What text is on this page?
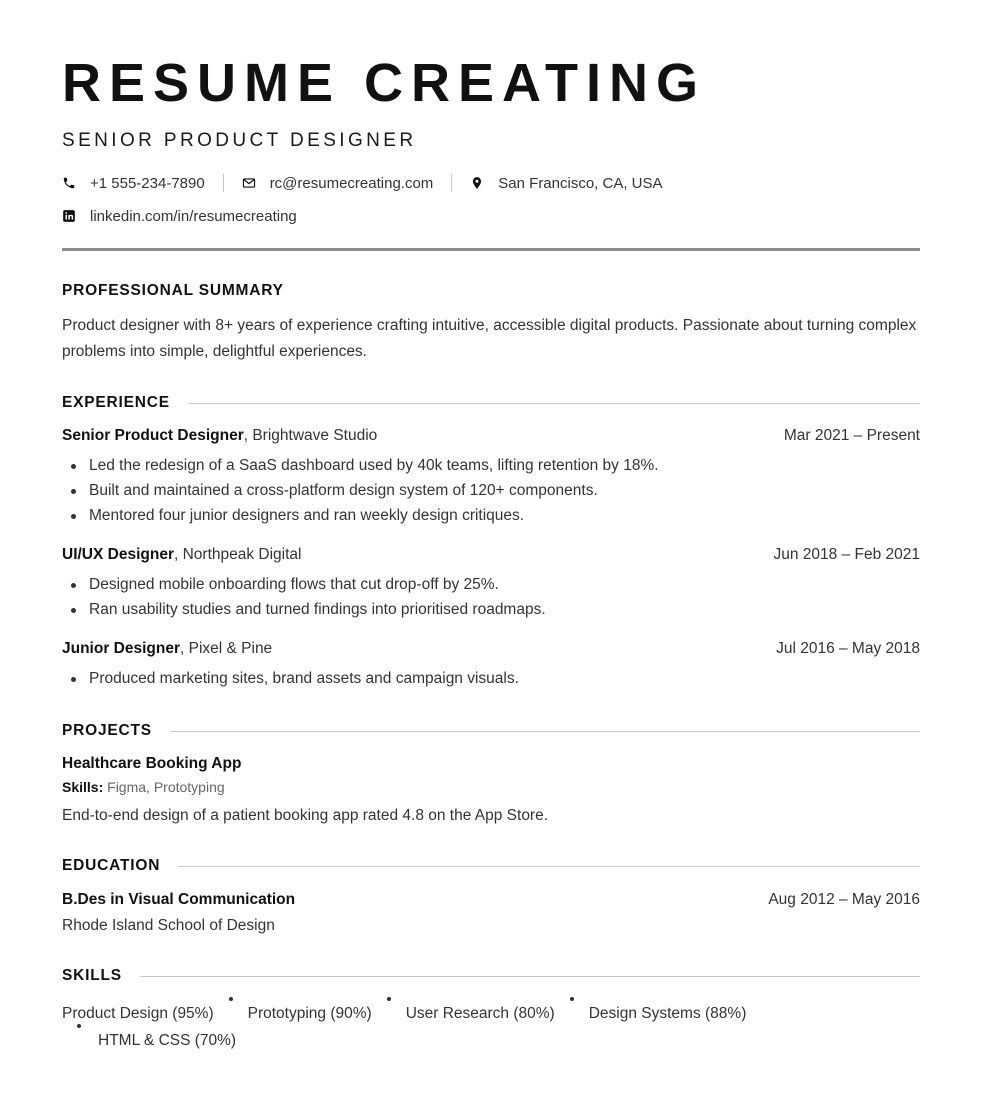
RESUME CREATING
SENIOR PRODUCT DESIGNER
+1 555-234-7890	rc@resumecreating.com	San Francisco, CA, USA
linkedin.com/in/resumecreating
PROFESSIONAL SUMMARY

Product designer with 8+ years of experience crafting intuitive, accessible digital products. Passionate about turning complex problems into simple, delightful experiences.

EXPERIENCE
Senior Product Designer, Brightwave Studio	Mar 2021 – Present
Led the redesign of a SaaS dashboard used by 40k teams, lifting retention by 18%.
Built and maintained a cross-platform design system of 120+ components.
Mentored four junior designers and ran weekly design critiques.
UI/UX Designer, Northpeak Digital	Jun 2018 – Feb 2021
Designed mobile onboarding flows that cut drop-off by 25%.
Ran usability studies and turned findings into prioritised roadmaps.
Junior Designer, Pixel & Pine	Jul 2016 – May 2018
Produced marketing sites, brand assets and campaign visuals.
PROJECTS
Healthcare Booking App
Skills: Figma, Prototyping
End-to-end design of a patient booking app rated 4.8 on the App Store.
EDUCATION
B.Des in Visual Communication	Aug 2012 – May 2016
Rhode Island School of Design
SKILLS
Product Design (95%) Prototyping (90%) User Research (80%) Design Systems (88%)
HTML & CSS (70%)
